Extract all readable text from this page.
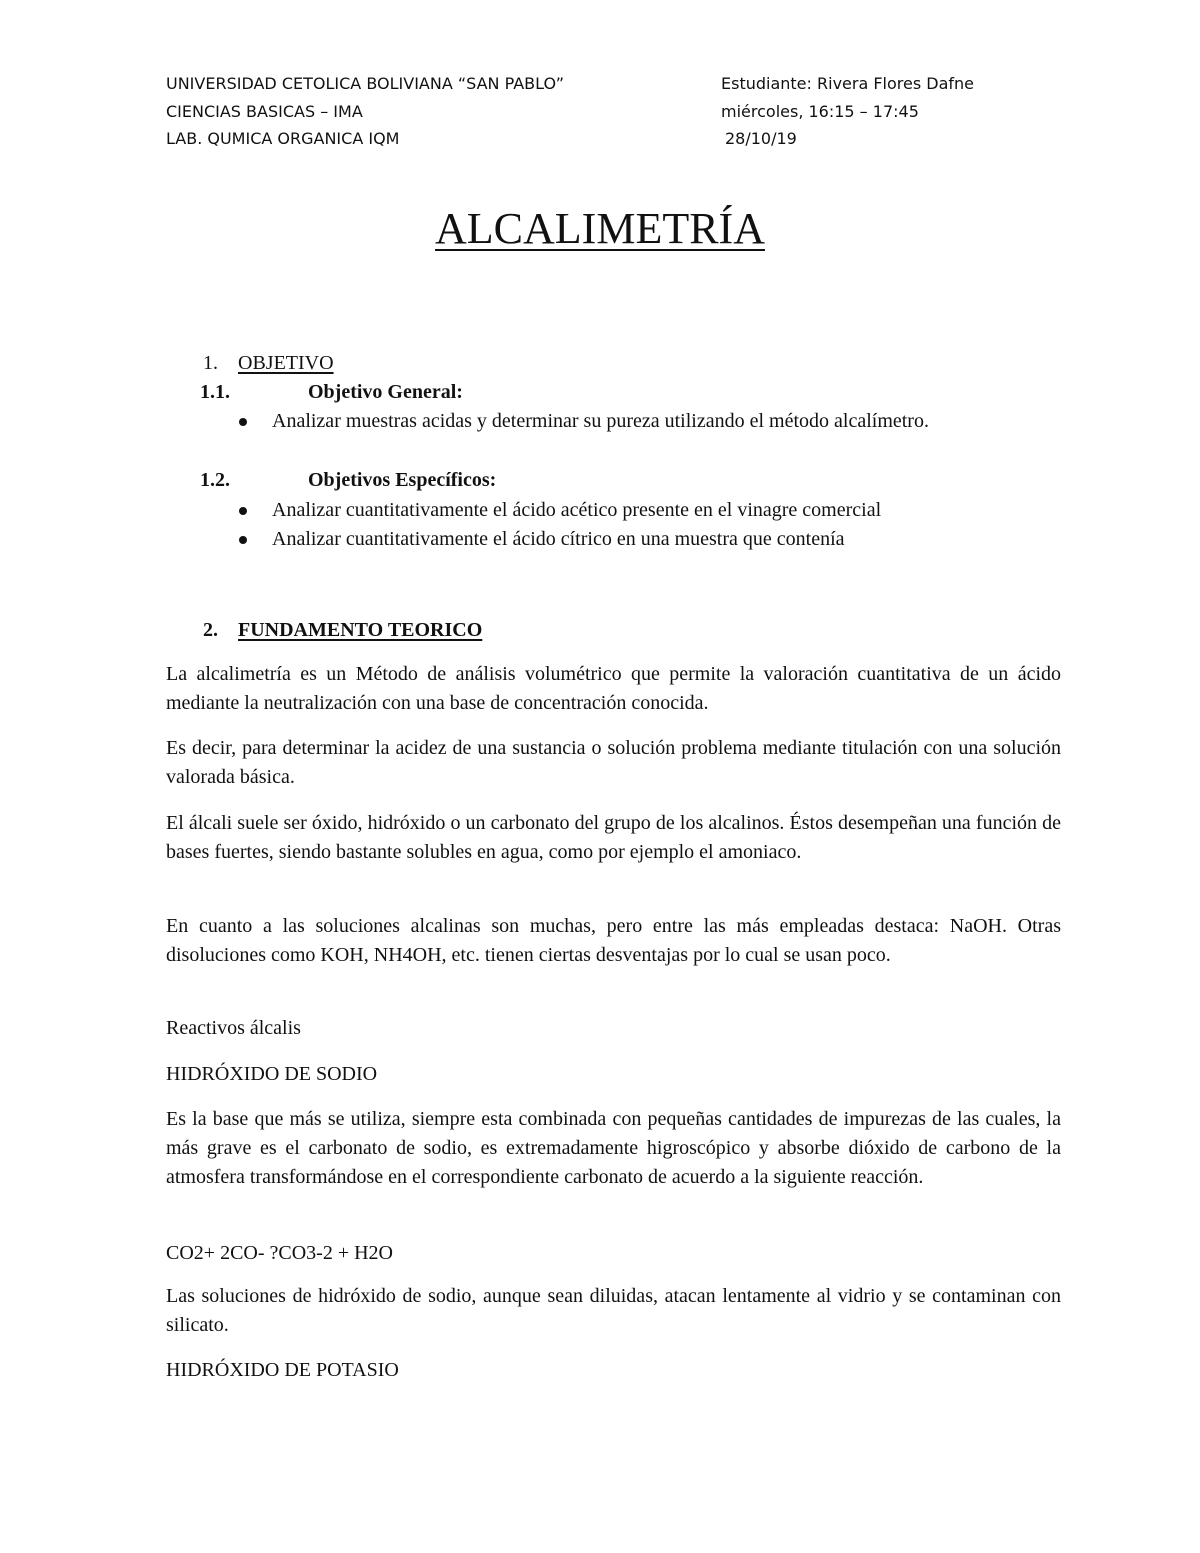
UNIVERSIDAD CETOLICA BOLIVIANA “SAN PABLO”
CIENCIAS BASICAS – IMA
LAB. QUMICA ORGANICA IQM
Estudiante: Rivera Flores Dafne
miércoles, 16:15 – 17:45
28/10/19
ALCALIMETRÍA
1. OBJETIVO
1.1.	Objetivo General:
Analizar muestras acidas y determinar su pureza utilizando el método alcalímetro.
1.2.	Objetivos Específicos:
Analizar cuantitativamente el ácido acético presente en el vinagre comercial
Analizar cuantitativamente el ácido cítrico en una muestra que contenía
2. FUNDAMENTO TEORICO

La alcalimetría es un Método de análisis volumétrico que permite la valoración cuantitativa de un ácido mediante la neutralización con una base de concentración conocida.

Es decir, para determinar la acidez de una sustancia o solución problema mediante titulación con una solución valorada básica.

El álcali suele ser óxido, hidróxido o un carbonato del grupo de los alcalinos. Éstos desempeñan una función de bases fuertes, siendo bastante solubles en agua, como por ejemplo el amoniaco.

En cuanto a las soluciones alcalinas son muchas, pero entre las más empleadas destaca: NaOH. Otras disoluciones como KOH, NH4OH, etc. tienen ciertas desventajas por lo cual se usan poco.

Reactivos álcalis
HIDRÓXIDO DE SODIO

Es la base que más se utiliza, siempre esta combinada con pequeñas cantidades de impurezas de las cuales, la más grave es el carbonato de sodio, es extremadamente higroscópico y absorbe dióxido de carbono de la atmosfera transformándose en el correspondiente carbonato de acuerdo a la siguiente reacción.

CO2+ 2CO- ?CO3-2 + H2O

Las soluciones de hidróxido de sodio, aunque sean diluidas, atacan lentamente al vidrio y se contaminan con silicato.

HIDRÓXIDO DE POTASIO
